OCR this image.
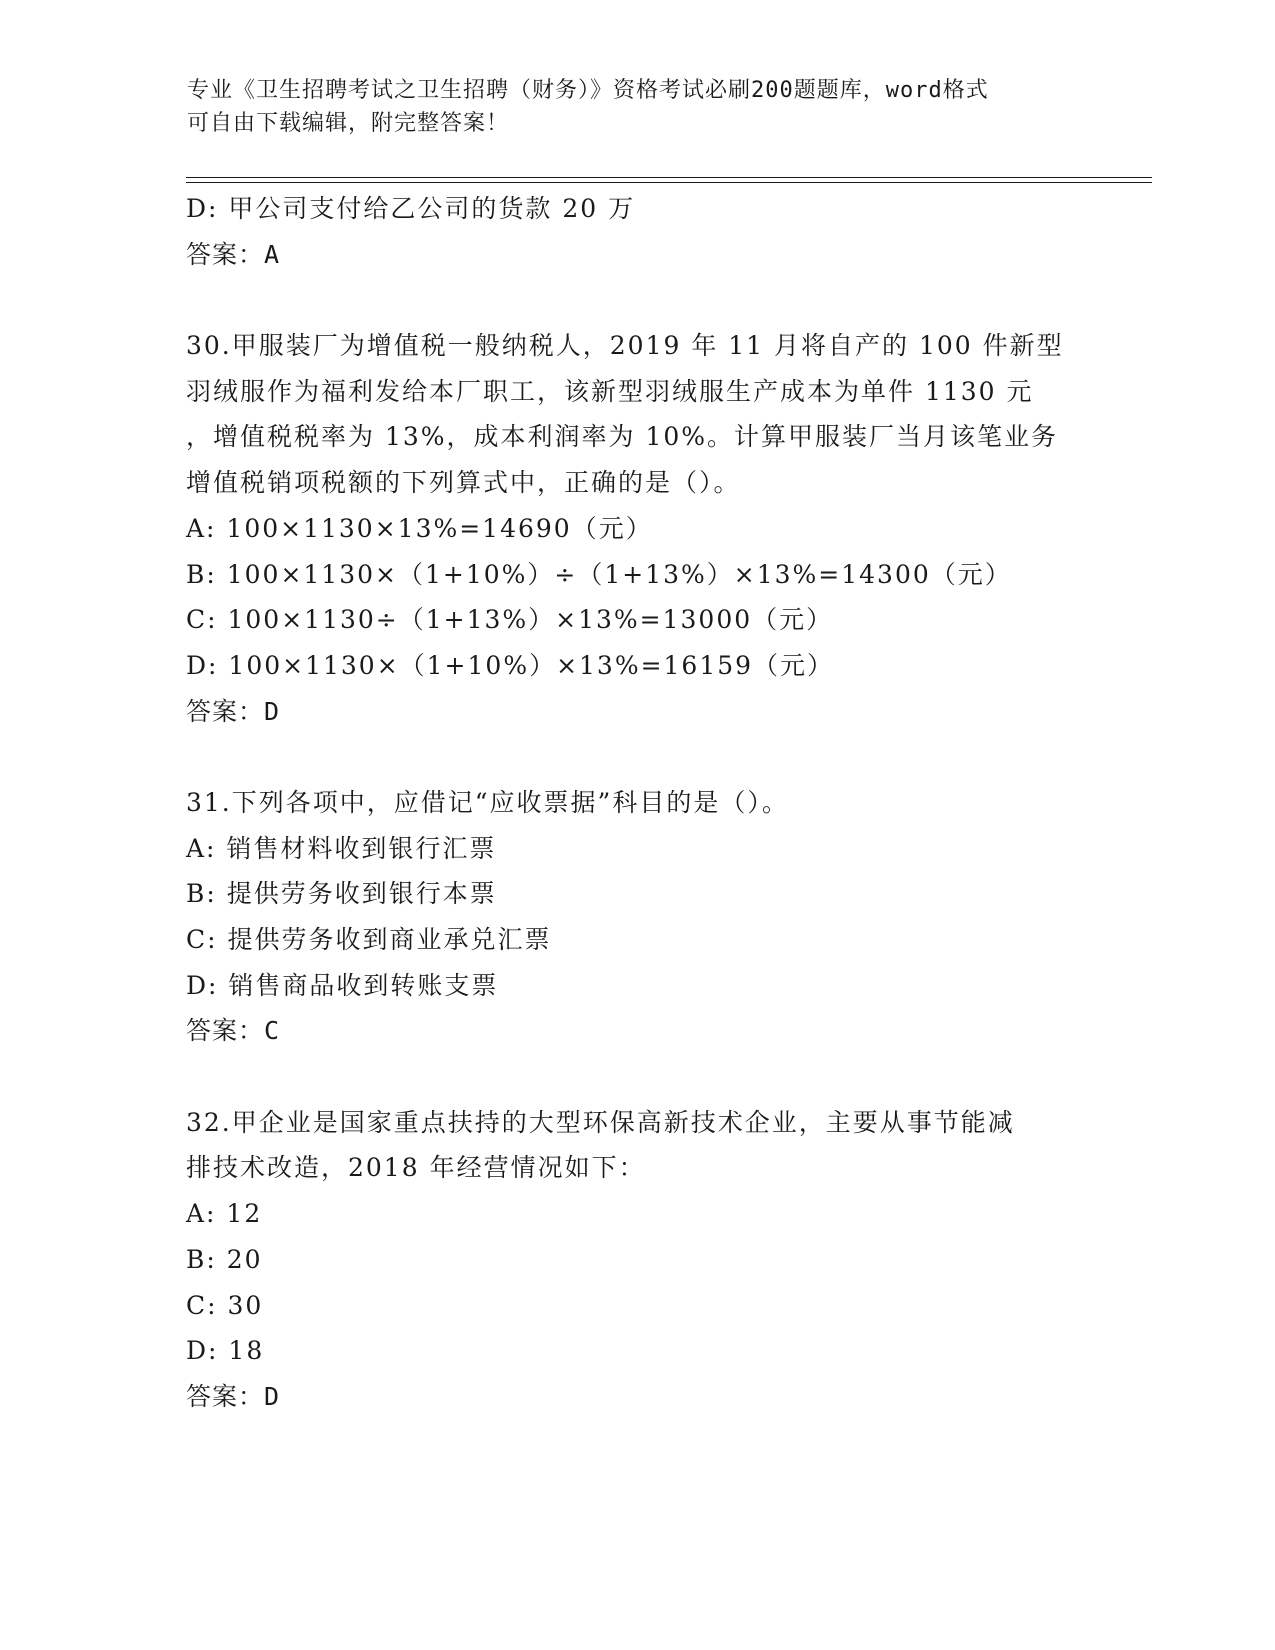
专业《卫生招聘考试之卫生招聘（财务）》资格考试必刷200题题库，word格式
可自由下载编辑，附完整答案！
D: 甲公司支付给乙公司的货款 20 万
答案：A
30.甲服装厂为增值税一般纳税人，2019 年 11 月将自产的 100 件新型
羽绒服作为福利发给本厂职工，该新型羽绒服生产成本为单件 1130 元
，增值税税率为 13%，成本利润率为 10%。计算甲服装厂当月该笔业务
增值税销项税额的下列算式中，正确的是（）。
A: 100×1130×13%=14690（元）
B: 100×1130×（1+10%）÷（1+13%）×13%=14300（元）
C: 100×1130÷（1+13%）×13%=13000（元）
D: 100×1130×（1+10%）×13%=16159（元）
答案：D
31.下列各项中，应借记“应收票据”科目的是（）。
A: 销售材料收到银行汇票
B: 提供劳务收到银行本票
C: 提供劳务收到商业承兑汇票
D: 销售商品收到转账支票
答案：C
32.甲企业是国家重点扶持的大型环保高新技术企业，主要从事节能减
排技术改造，2018 年经营情况如下：
A: 12
B: 20
C: 30
D: 18
答案：D
